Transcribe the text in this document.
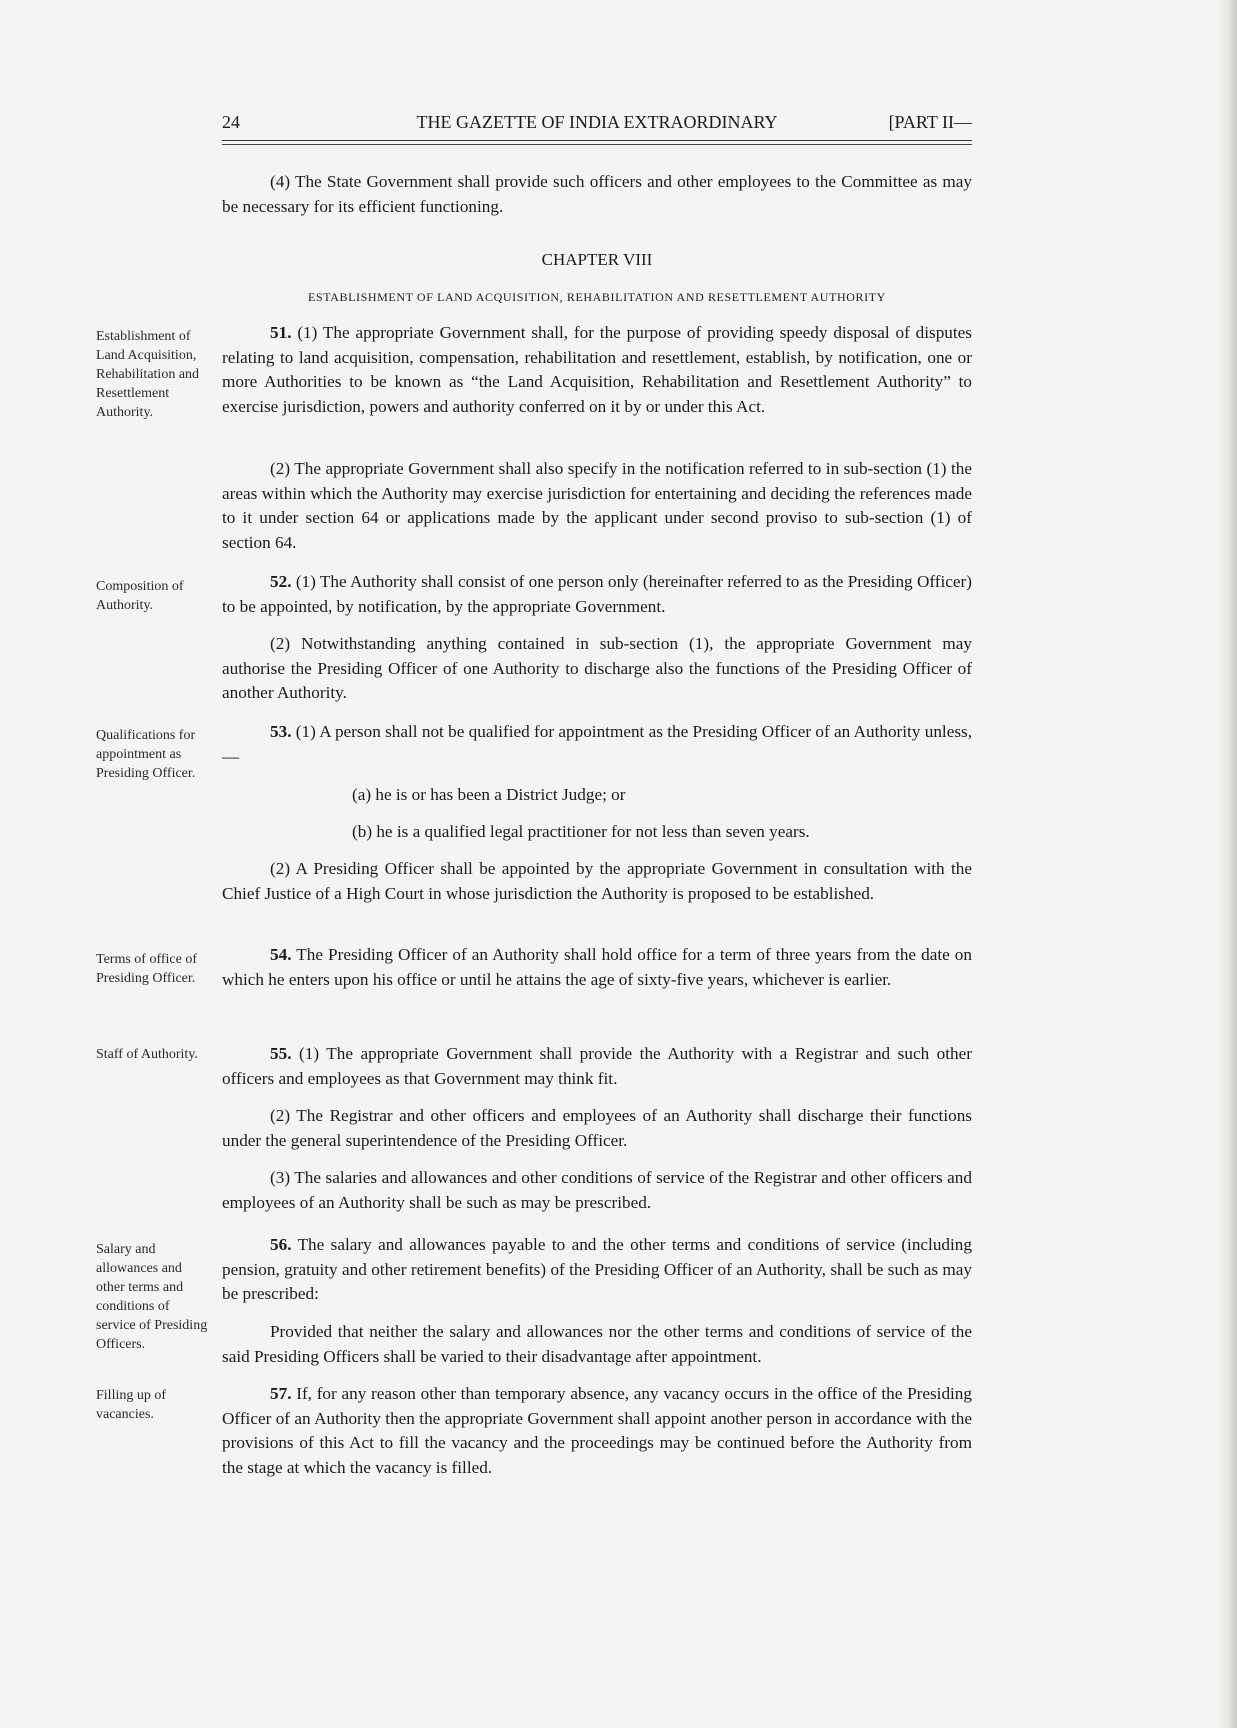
24	THE GAZETTE OF INDIA EXTRAORDINARY	[PART II—

(4) The State Government shall provide such officers and other employees to the Committee as may be necessary for its efficient functioning.

CHAPTER VIII
ESTABLISHMENT OF LAND ACQUISITION, REHABILITATION AND RESETTLEMENT AUTHORITY
Establishment of Land Acquisition, Rehabilitation and Resettlement Authority.

51. (1) The appropriate Government shall, for the purpose of providing speedy disposal of disputes relating to land acquisition, compensation, rehabilitation and resettlement, establish, by notification, one or more Authorities to be known as “the Land Acquisition, Rehabilitation and Resettlement Authority” to exercise jurisdiction, powers and authority conferred on it by or under this Act.

(2) The appropriate Government shall also specify in the notification referred to in sub-section (1) the areas within which the Authority may exercise jurisdiction for entertaining and deciding the references made to it under section 64 or applications made by the applicant under second proviso to sub-section (1) of section 64.

Composition of Authority.

52. (1) The Authority shall consist of one person only (hereinafter referred to as the Presiding Officer) to be appointed, by notification, by the appropriate Government.

(2) Notwithstanding anything contained in sub-section (1), the appropriate Government may authorise the Presiding Officer of one Authority to discharge also the functions of the Presiding Officer of another Authority.

Qualifications for appointment as Presiding Officer.

53. (1) A person shall not be qualified for appointment as the Presiding Officer of an Authority unless,—

(a) he is or has been a District Judge; or
(b) he is a qualified legal practitioner for not less than seven years.

(2) A Presiding Officer shall be appointed by the appropriate Government in consultation with the Chief Justice of a High Court in whose jurisdiction the Authority is proposed to be established.

Terms of office of Presiding Officer.

54. The Presiding Officer of an Authority shall hold office for a term of three years from the date on which he enters upon his office or until he attains the age of sixty-five years, whichever is earlier.

Staff of Authority.	55. (1) The appropriate Government shall provide the Authority with a Registrar and such other officers and employees as that Government may think fit.

(2) The Registrar and other officers and employees of an Authority shall discharge their functions under the general superintendence of the Presiding Officer.

(3) The salaries and allowances and other conditions of service of the Registrar and other officers and employees of an Authority shall be such as may be prescribed.

Salary and allowances and other terms and conditions of service of Presiding Officers.

56. The salary and allowances payable to and the other terms and conditions of service (including pension, gratuity and other retirement benefits) of the Presiding Officer of an Authority, shall be such as may be prescribed:

Provided that neither the salary and allowances nor the other terms and conditions of service of the said Presiding Officers shall be varied to their disadvantage after appointment.

Filling up of vacancies.

57. If, for any reason other than temporary absence, any vacancy occurs in the office of the Presiding Officer of an Authority then the appropriate Government shall appoint another person in accordance with the provisions of this Act to fill the vacancy and the proceedings may be continued before the Authority from the stage at which the vacancy is filled.
